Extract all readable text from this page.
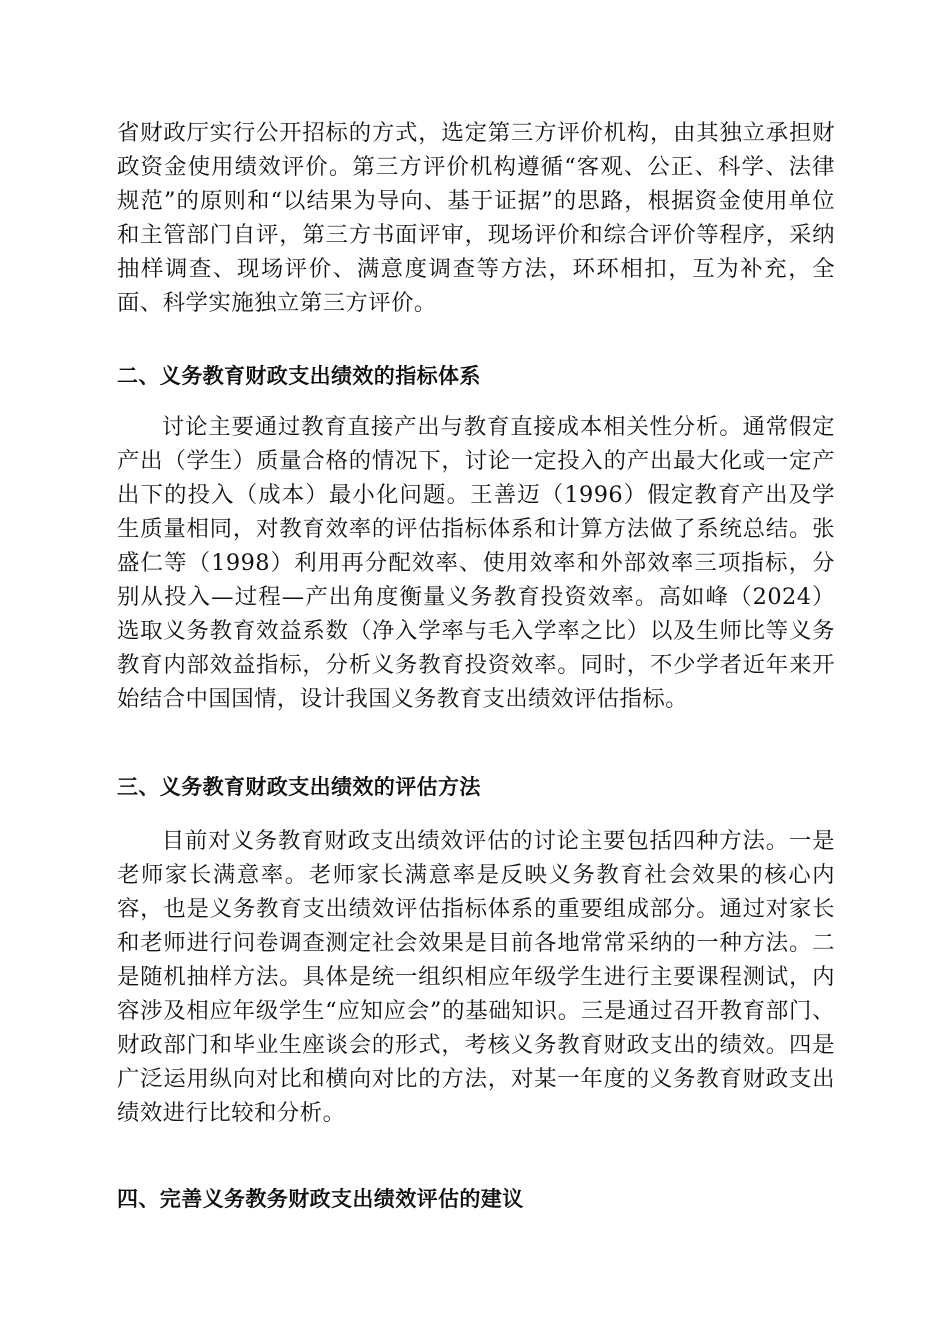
省财政厅实行公开招标的方式，选定第三方评价机构，由其独立承担财政资金使用绩效评价。第三方评价机构遵循“客观、公正、科学、法律规范”的原则和“以结果为导向、基于证据”的思路，根据资金使用单位和主管部门自评，第三方书面评审，现场评价和综合评价等程序，采纳抽样调查、现场评价、满意度调查等方法，环环相扣，互为补充，全面、科学实施独立第三方评价。

二、义务教育财政支出绩效的指标体系

讨论主要通过教育直接产出与教育直接成本相关性分析。通常假定产出（学生）质量合格的情况下，讨论一定投入的产出最大化或一定产出下的投入（成本）最小化问题。王善迈（1996）假定教育产出及学生质量相同，对教育效率的评估指标体系和计算方法做了系统总结。张盛仁等（1998）利用再分配效率、使用效率和外部效率三项指标，分别从投入—过程—产出角度衡量义务教育投资效率。高如峰（2024）选取义务教育效益系数（净入学率与毛入学率之比）以及生师比等义务教育内部效益指标，分析义务教育投资效率。同时，不少学者近年来开始结合中国国情，设计我国义务教育支出绩效评估指标。

三、义务教育财政支出绩效的评估方法

目前对义务教育财政支出绩效评估的讨论主要包括四种方法。一是老师家长满意率。老师家长满意率是反映义务教育社会效果的核心内容，也是义务教育支出绩效评估指标体系的重要组成部分。通过对家长和老师进行问卷调查测定社会效果是目前各地常常采纳的一种方法。二是随机抽样方法。具体是统一组织相应年级学生进行主要课程测试，内容涉及相应年级学生“应知应会”的基础知识。三是通过召开教育部门、财政部门和毕业生座谈会的形式，考核义务教育财政支出的绩效。四是广泛运用纵向对比和横向对比的方法，对某一年度的义务教育财政支出绩效进行比较和分析。

四、完善义务教务财政支出绩效评估的建议
